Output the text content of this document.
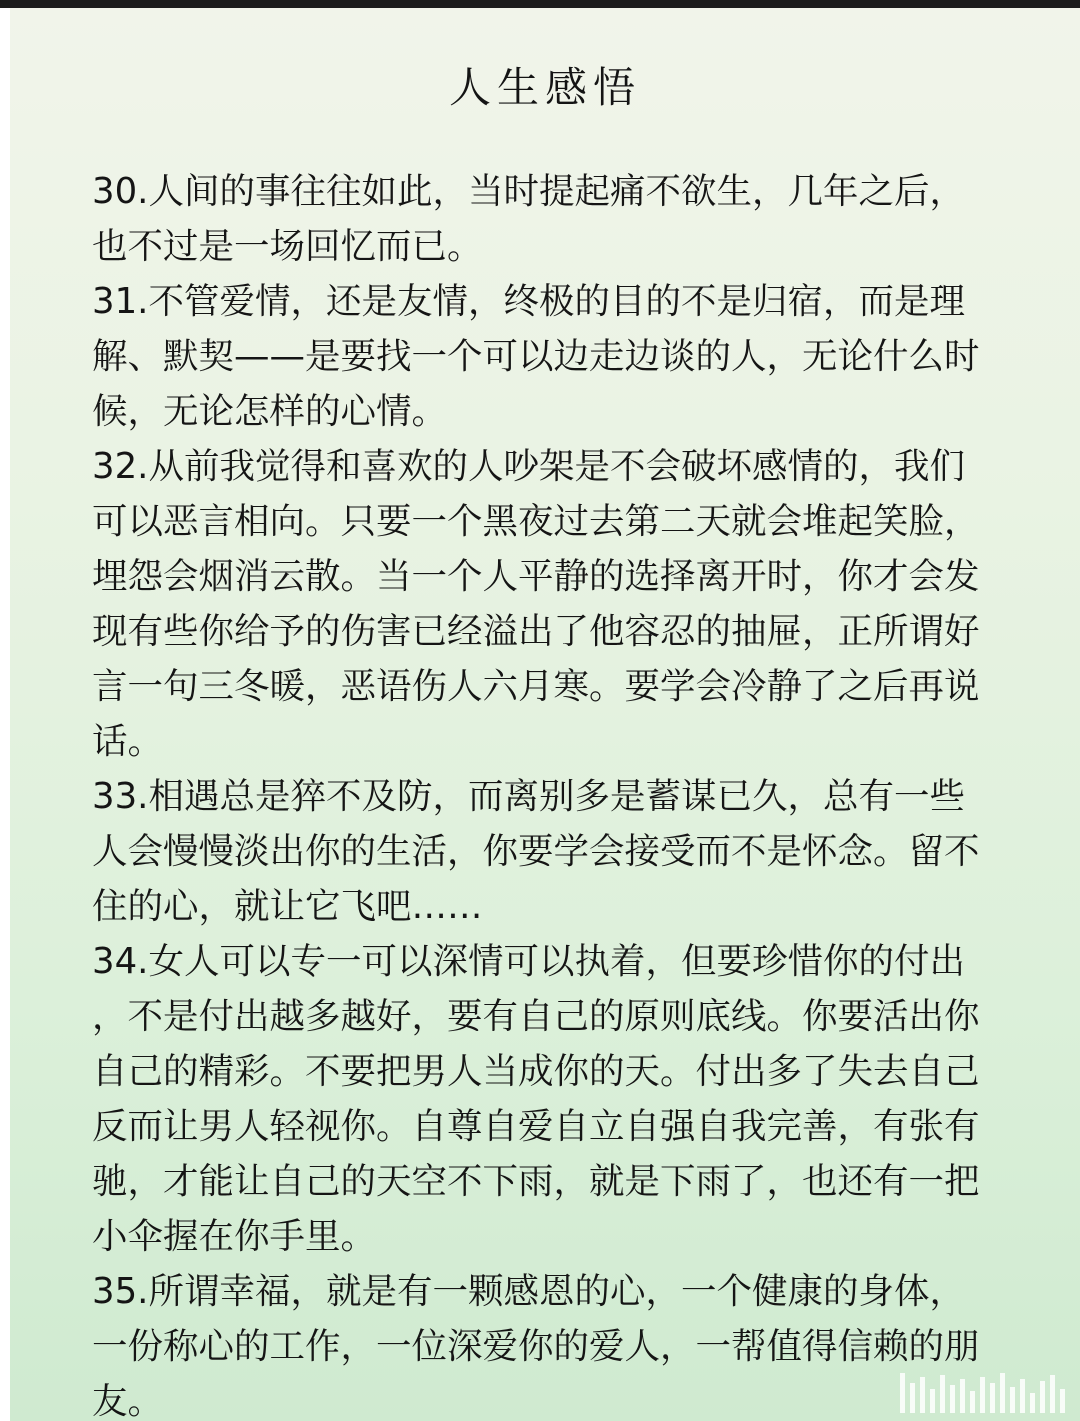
人生感悟
30.人间的事往往如此，当时提起痛不欲生，几年之后，
也不过是一场回忆而已。
31.不管爱情，还是友情，终极的目的不是归宿，而是理
解、默契——是要找一个可以边走边谈的人，无论什么时
候，无论怎样的心情。
32.从前我觉得和喜欢的人吵架是不会破坏感情的，我们
可以恶言相向。只要一个黑夜过去第二天就会堆起笑脸，
埋怨会烟消云散。当一个人平静的选择离开时，你才会发
现有些你给予的伤害已经溢出了他容忍的抽屉，正所谓好
言一句三冬暖，恶语伤人六月寒。要学会冷静了之后再说
话。
33.相遇总是猝不及防，而离别多是蓄谋已久，总有一些
人会慢慢淡出你的生活，你要学会接受而不是怀念。留不
住的心，就让它飞吧……
34.女人可以专一可以深情可以执着，但要珍惜你的付出
，不是付出越多越好，要有自己的原则底线。你要活出你
自己的精彩。不要把男人当成你的天。付出多了失去自己
反而让男人轻视你。自尊自爱自立自强自我完善，有张有
驰，才能让自己的天空不下雨，就是下雨了，也还有一把
小伞握在你手里。
35.所谓幸福，就是有一颗感恩的心，一个健康的身体，
一份称心的工作，一位深爱你的爱人，一帮值得信赖的朋
友。
